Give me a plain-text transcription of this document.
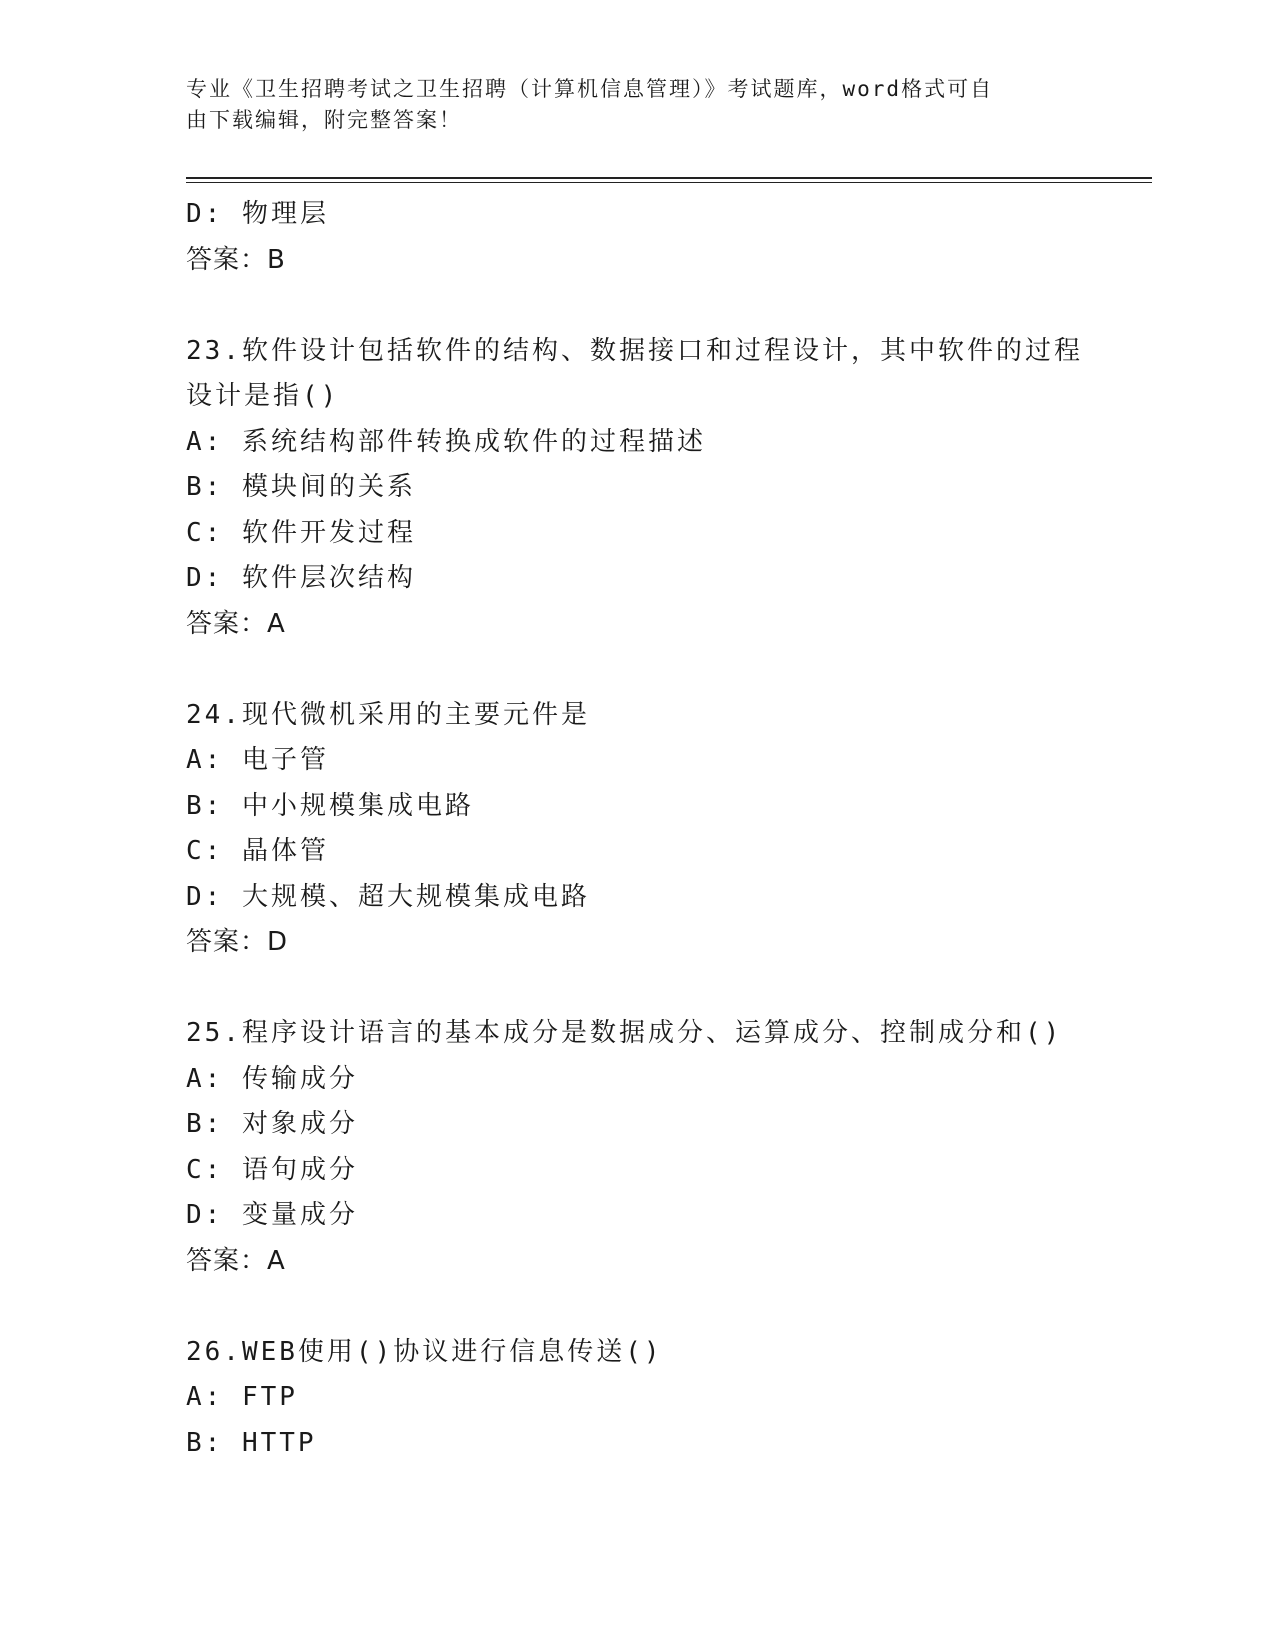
专业《卫生招聘考试之卫生招聘（计算机信息管理）》考试题库，word格式可自
由下载编辑，附完整答案！
D: 物理层
答案：B
23.软件设计包括软件的结构、数据接口和过程设计，其中软件的过程
设计是指()
A: 系统结构部件转换成软件的过程描述
B: 模块间的关系
C: 软件开发过程
D: 软件层次结构
答案：A
24.现代微机采用的主要元件是
A: 电子管
B: 中小规模集成电路
C: 晶体管
D: 大规模、超大规模集成电路
答案：D
25.程序设计语言的基本成分是数据成分、运算成分、控制成分和()
A: 传输成分
B: 对象成分
C: 语句成分
D: 变量成分
答案：A
26.WEB使用()协议进行信息传送()
A: FTP
B: HTTP
